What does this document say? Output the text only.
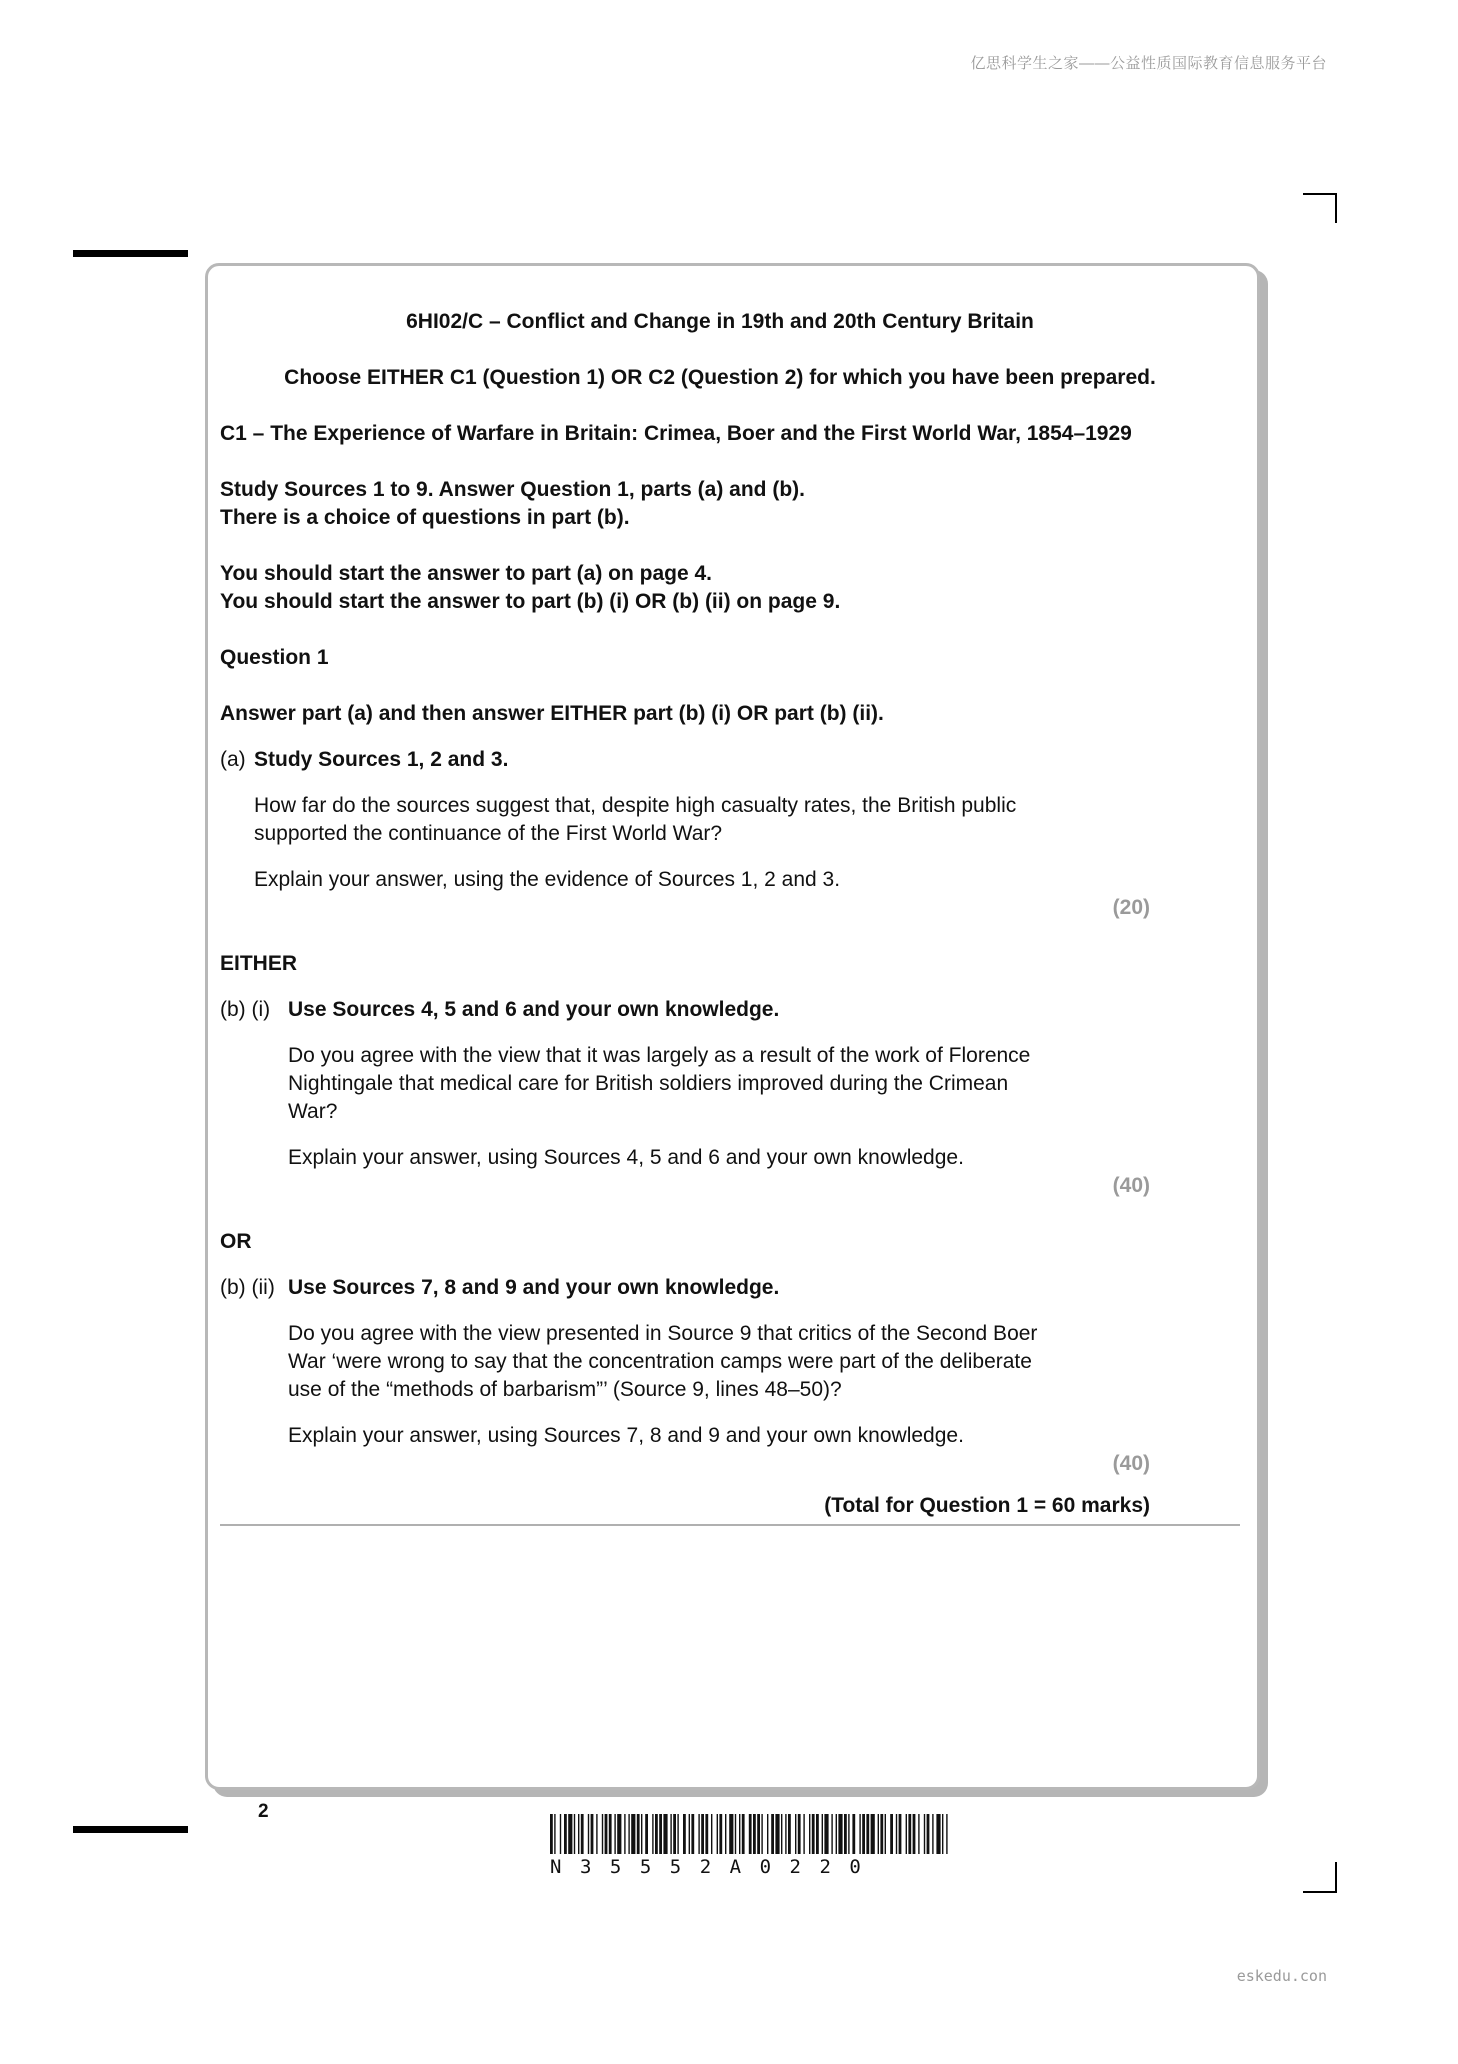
亿思科学生之家——公益性质国际教育信息服务平台

6HI02/C – Conflict and Change in 19th and 20th Century Britain

Choose EITHER C1 (Question 1) OR C2 (Question 2) for which you have been prepared.

C1 – The Experience of Warfare in Britain: Crimea, Boer and the First World War, 1854–1929

Study Sources 1 to 9. Answer Question 1, parts (a) and (b).

There is a choice of questions in part (b).

You should start the answer to part (a) on page 4.

You should start the answer to part (b) (i) OR (b) (ii) on page 9.

Question 1

Answer part (a) and then answer EITHER part (b) (i) OR part (b) (ii).

(a) Study Sources 1, 2 and 3.

How far do the sources suggest that, despite high casualty rates, the British public

supported the continuance of the First World War?

Explain your answer, using the evidence of Sources 1, 2 and 3.

(20)

EITHER

(b) (i) Use Sources 4, 5 and 6 and your own knowledge.

Do you agree with the view that it was largely as a result of the work of Florence

Nightingale that medical care for British soldiers improved during the Crimean

War?

Explain your answer, using Sources 4, 5 and 6 and your own knowledge.

(40)

OR

(b) (ii) Use Sources 7, 8 and 9 and your own knowledge.

Do you agree with the view presented in Source 9 that critics of the Second Boer

War ‘were wrong to say that the concentration camps were part of the deliberate

use of the “methods of barbarism”’ (Source 9, lines 48–50)?

Explain your answer, using Sources 7, 8 and 9 and your own knowledge.

(40)

(Total for Question 1 = 60 marks)

2
N35552A0220
eskedu.con
